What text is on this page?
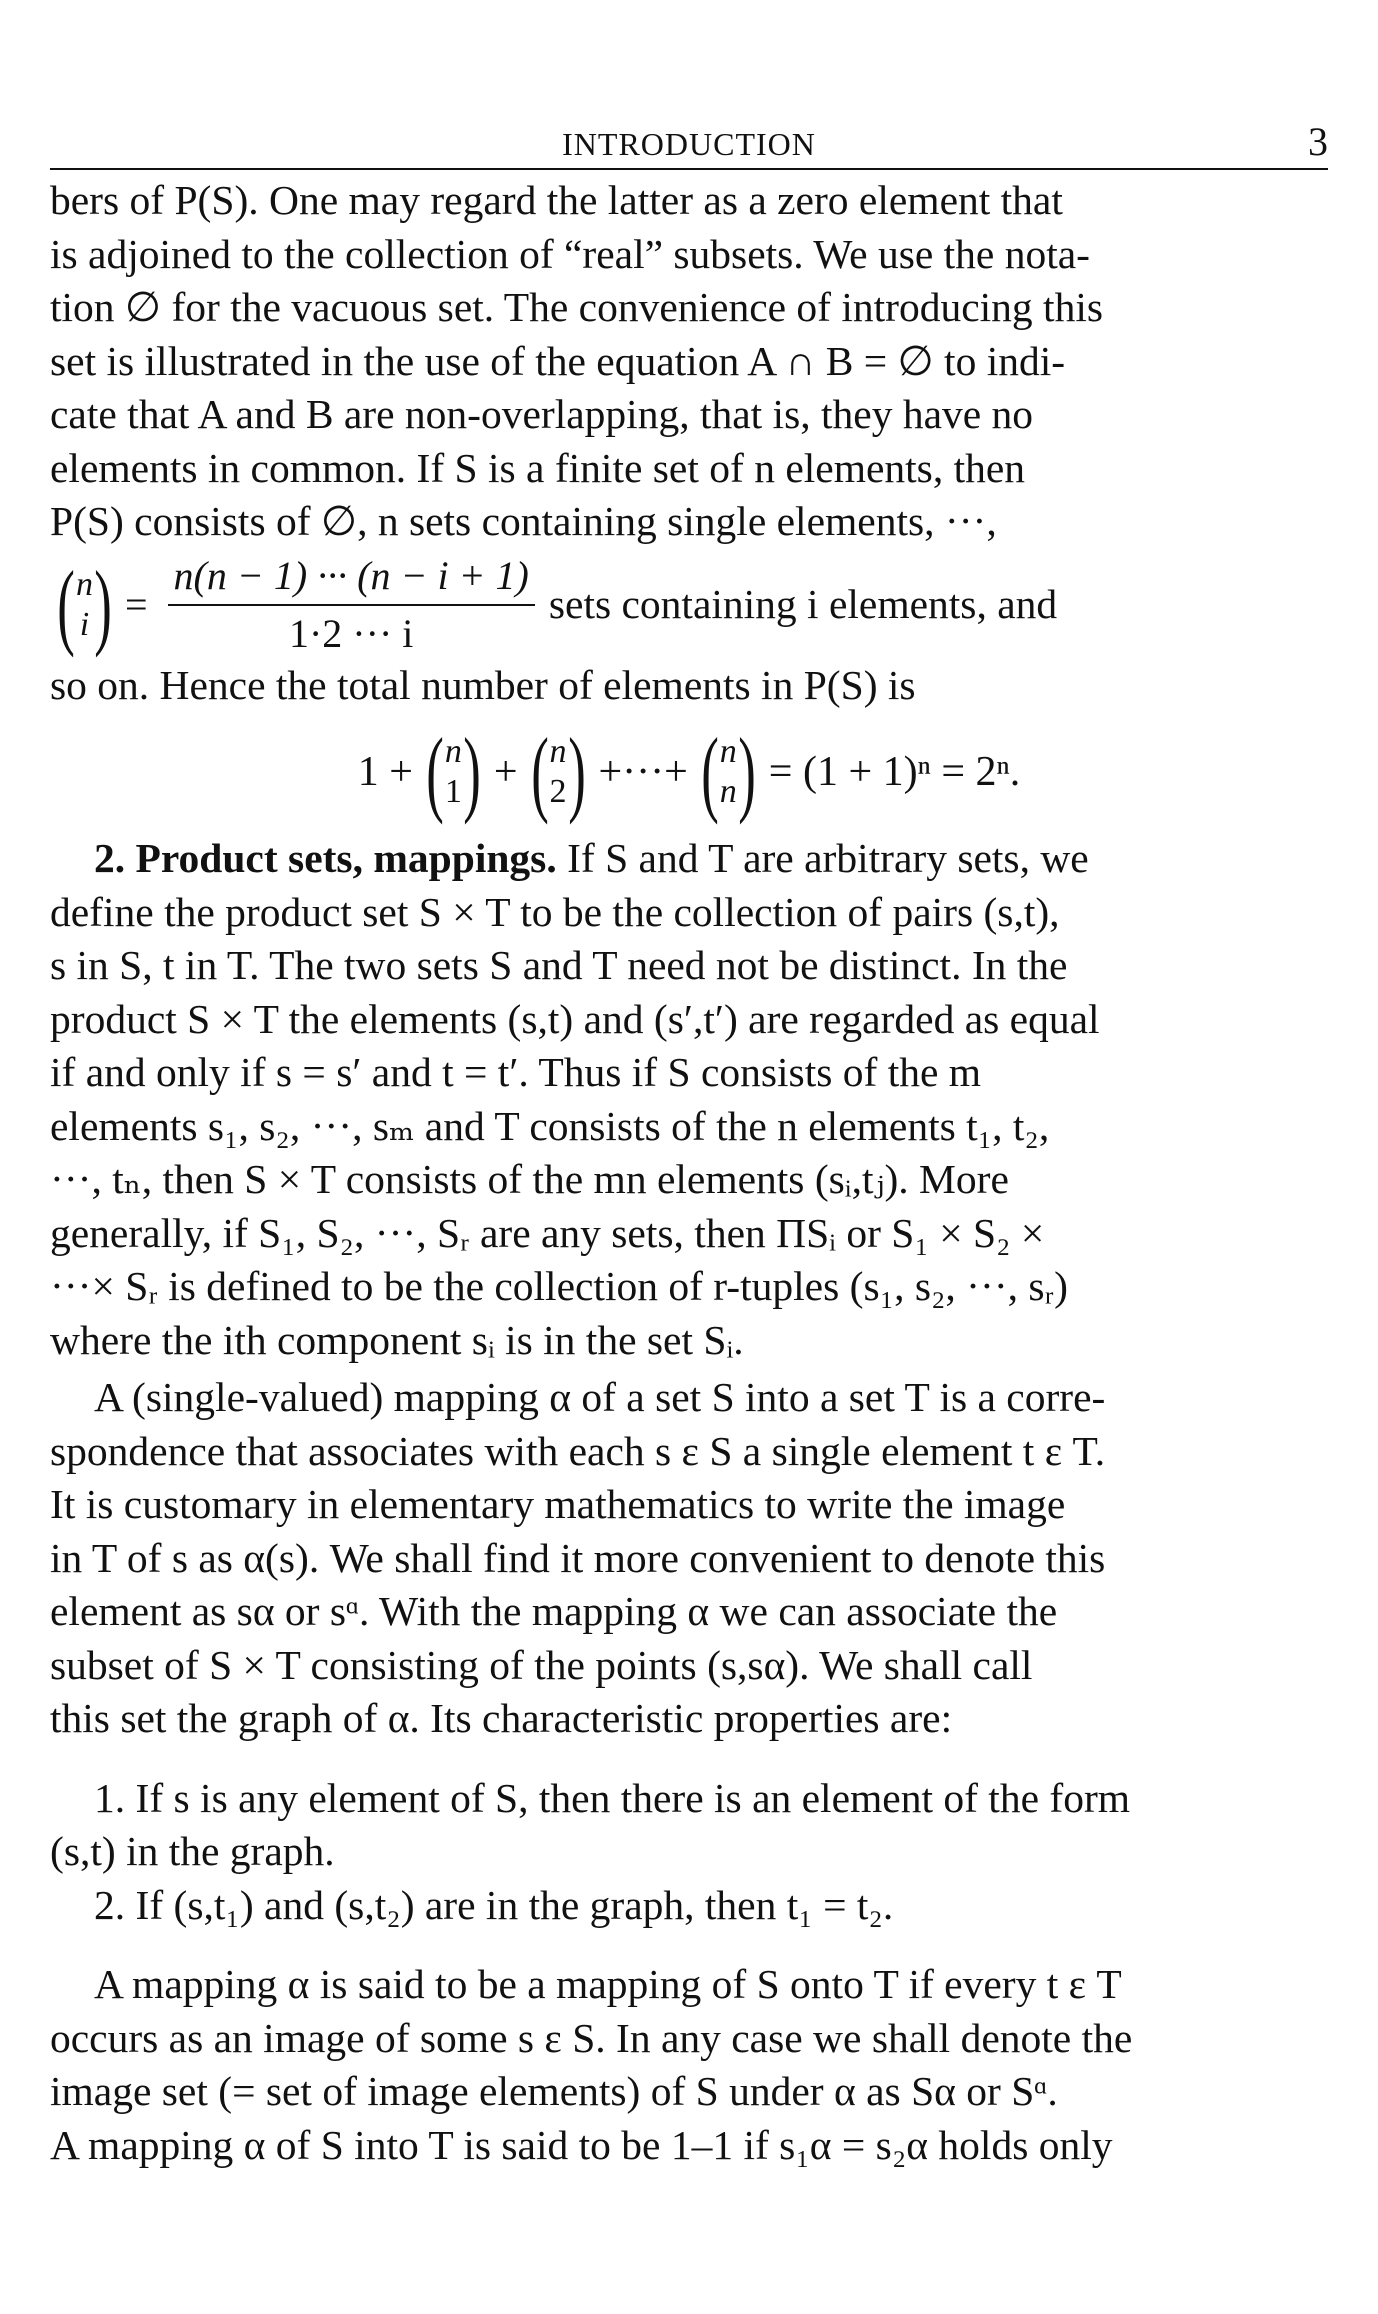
INTRODUCTION	3

bers of P(S). One may regard the latter as a zero element that

is adjoined to the collection of “real” subsets. We use the nota-

tion ∅ for the vacuous set. The convenience of introducing this

set is illustrated in the use of the equation A ∩ B = ∅ to indi-

cate that A and B are non-overlapping, that is, they have no

elements in common. If S is a finite set of n elements, then

P(S) consists of ∅, n sets containing single elements, ···,

( n
i ) = $\frac{n(n - 1) \cdot\cdot\cdot (n - i + 1)}{1\cdot 2 \cdot\cdot\cdot i}$ sets containing i elements, and

so on. Hence the total number of elements in P(S) is

1 + ( n
1 ) + ( n
2 ) +···+ ( n
n ) = (1 + 1)ⁿ = 2ⁿ.

2. Product sets, mappings. If S and T are arbitrary sets, we

define the product set S × T to be the collection of pairs (s,t),

s in S, t in T. The two sets S and T need not be distinct. In the

product S × T the elements (s,t) and (s′,t′) are regarded as equal

if and only if s = s′ and t = t′. Thus if S consists of the m

elements s₁, s₂, ···, sₘ and T consists of the n elements t₁, t₂,

···, tₙ, then S × T consists of the mn elements (sᵢ,tⱼ). More

generally, if S₁, S₂, ···, Sᵣ are any sets, then ΠSᵢ or S₁ × S₂ ×

···× Sᵣ is defined to be the collection of r-tuples (s₁, s₂, ···, sᵣ)

where the ith component sᵢ is in the set Sᵢ.

A (single-valued) mapping α of a set S into a set T is a corre-

spondence that associates with each s ε S a single element t ε T.

It is customary in elementary mathematics to write the image

in T of s as α(s). We shall find it more convenient to denote this

element as sα or sᵅ. With the mapping α we can associate the

subset of S × T consisting of the points (s,sα). We shall call

this set the graph of α. Its characteristic properties are:

1. If s is any element of S, then there is an element of the form

(s,t) in the graph.

2. If (s,t₁) and (s,t₂) are in the graph, then t₁ = t₂.

A mapping α is said to be a mapping of S onto T if every t ε T

occurs as an image of some s ε S. In any case we shall denote the

image set (= set of image elements) of S under α as Sα or Sᵅ.

A mapping α of S into T is said to be 1–1 if s₁α = s₂α holds only
